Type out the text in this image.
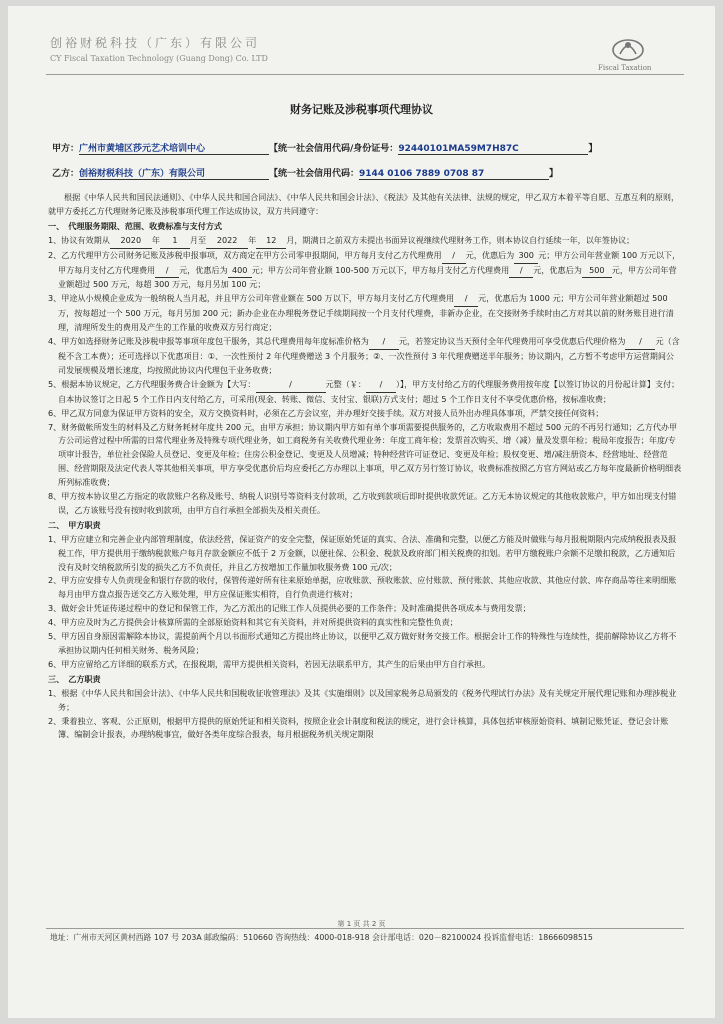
创裕财税科技（广东）有限公司
CY Fiscal Taxation Technology (Guang Dong) Co. LTD
Fiscal Taxation
财务记账及涉税事项代理协议
甲方：广州市黄埔区莎元艺术培训中心	【统一社会信用代码/身份证号：92440101MA59M7H87C	】
乙方：创裕财税科技（广东）有限公司	【统一社会信用代码：9144 0106 7889 0708 87	】

根据《中华人民共和国民法通则》、《中华人民共和国合同法》、《中华人民共和国会计法》、《税法》及其他有关法律、法规的规定，甲乙双方本着平等自愿、互惠互利的原则，就甲方委托乙方代理财务记账及涉税事项代理工作达成协议，双方共同遵守：

一、　代理服务期限、范围、收费标准与支付方式

1、协议有效期从 2020 年 1 月至 2022 年 12 月，期满日之前双方未提出书面异议视继续代理财务工作，则本协议自行延续一年，以年签协议；

2、乙方代理甲方公司财务记账及涉税申报事项，双方商定在甲方公司零申报期间，甲方每月支付乙方代理费用 / 元，优惠后为 300 元；甲方公司年营业额 100 万元以下，甲方每月支付乙方代理费用 / 元，优惠后为 400 元；甲方公司年营业额 100-500 万元以下，甲方每月支付乙方代理费用 / 元，优惠后为 500 元，甲方公司年营业额超过 500 万元，每超 300 万元，每月另加 100 元；

3、甲途从小规模企业成为一般纳税人当月起，并且甲方公司年营业额在 500 万以下，甲方每月支付乙方代理费用 / 元，优惠后为 1000 元；甲方公司年营业额超过 500 万，按每超过一个 500 万元，每月另加 200 元；新办企业在办理税务登记手续期间按一个月支付代理费，非新办企业，在交接财务手续时由乙方对其以前的财务账目进行清理，清理所发生的费用及产生的工作量的收费双方另行商定；

4、甲方如选择财务记账及涉税申报等事项年度包干服务，其总代理费用每年度标准价格为 / 元，若签定协议当天预付全年代理费用可享受优惠后代理价格为 / 元（含税不含工本费）；还可选择以下优惠项目：①、一次性预付 2 年代理费赠送 3 个月服务；②、一次性预付 3 年代理费赠送半年服务；协议期内，乙方暂不考虑甲方运营期间公司发展规模及增长速度，均按照此协议内代理包干业务收费；

5、根据本协议规定，乙方代理服务费合计金额为【大写：	/	元整（￥： / ）】，甲方支付给乙方的代理服务费用按年度【以签订协议的月份起计算】支付；自本协议签订之日起 5 个工作日内支付给乙方，可采用(现金、转账、微信、支付宝、银联)方式支付；超过 5 个工作日支付不享受优惠价格，按标准收费；

6、甲乙双方同意为保证甲方资料的安全，双方交换资料时，必须在乙方会议室，并办理好交接手续。双方对接人员外出办理具体事项，严禁交接任何资料；

7、财务做帐所发生的材料及乙方财务耗材年度共 200 元，由甲方承担；协议期内甲方如有单个事项需要提供服务的，乙方收取费用不超过 500 元的不再另行通知；乙方代办甲方公司运营过程中所需的日常代理业务及特殊专项代理业务，如工商税务有关收费代理业务：年度工商年检；发票首次购买、增（减）量及发票年检；税局年度报告；年度/专项审计报告，单位社会保险人员登记、变更及年检；住房公积金登记、变更及人员增减；特种经营许可证登记、变更及年检；股权变更、增/减注册资本、经营地址、经营范围、经营期限及法定代表人等其他相关事项，甲方享受优惠价后均应委托乙方办理以上事项，甲乙双方另行签订协议，收费标准按照乙方官方网站或乙方每年度最新价格明细表所列标准收费；

8、甲方按本协议里乙方指定的收款账户名称及账号、纳税人识别号等资料支付款项，乙方收到款项后即时提供收款凭证。乙方无本协议规定的其他收款账户，甲方如出现支付错误，乙方该账号没有按时收到款项，由甲方自行承担全部损失及相关责任。

二、　甲方职责

1、甲方应建立和完善企业内部管理制度，依法经营，保证资产的安全完整，保证原始凭证的真实、合法、准确和完整，以便乙方能及时做账与每月报税期限内完成纳税报表及报税工作，甲方提供用于缴纳税款账户每月存款金额应不低于 2 万金额，以便社保、公积金、税款及政府部门相关税费的扣划。若甲方缴税账户余额不足缴扣税款，乙方通知后没有及时交纳税款所引发的损失乙方不负责任，并且乙方按增加工作量加收服务费 100 元/次；

2、甲方应安排专人负责现金和银行存款的收付，保管传递好所有往来原始单据，应收账款、预收账款、应付账款、预付账款、其他应收款、其他应付款、库存商品等往来明细账每月由甲方盘点报告送交乙方入账处理，甲方应保证账实相符，自行负责进行核对；

3、做好会计凭证传递过程中的登记和保管工作，为乙方派出的记账工作人员提供必要的工作条件；及时准确提供各项成本与费用发票；

4、甲方应及时为乙方提供会计核算所需的全部原始资料和其它有关资料，并对所提供资料的真实性和完整性负责；

5、甲方因自身原因需解除本协议，需提前两个月以书面形式通知乙方提出终止协议，以便甲乙双方做好财务交接工作。根据会计工作的特殊性与连续性，提前解除协议乙方将不承担协议期内任何相关财务、税务风险；

6、甲方应留给乙方详细的联系方式，在报税期，需甲方提供相关资料，若因无法联系甲方，其产生的后果由甲方自行承担。

三、　乙方职责

1、根据《中华人民共和国会计法》、《中华人民共和国税收征收管理法》及其《实施细则》以及国家税务总局颁发的《税务代理试行办法》及有关规定开展代理记账和办理涉税业务；

2、秉着独立、客观、公正原则，根据甲方提供的原始凭证和相关资料，按照企业会计制度和税法的规定，进行会计核算，具体包括审核原始资料、填制记账凭证、登记会计账簿、编制会计报表，办理纳税事宜，做好各类年度综合报表，每月根据税务机关规定期限

第 1 页 共 2 页
地址：广州市天河区黄村西路 107 号 203A 邮政编码：510660 咨询热线：4000-018-918 会计部电话：020－82100024 投诉监督电话：18666098515
